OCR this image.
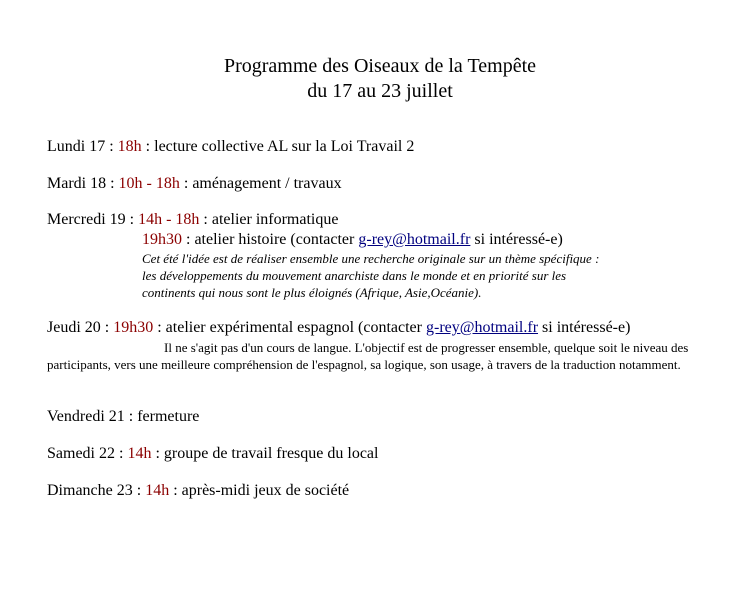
Programme des Oiseaux de la Tempête
du 17 au 23 juillet
Lundi 17 : 18h : lecture collective AL sur la Loi Travail 2
Mardi 18 : 10h - 18h : aménagement / travaux
Mercredi 19 : 14h - 18h : atelier informatique
19h30 : atelier histoire (contacter g-rey@hotmail.fr si intéressé-e)
Cet été l'idée est de réaliser ensemble une recherche originale sur un thème spécifique :
les développements du mouvement anarchiste dans le monde et en priorité sur les
continents qui nous sont le plus éloignés (Afrique, Asie,Océanie).
Jeudi 20 : 19h30 : atelier expérimental espagnol (contacter g-rey@hotmail.fr si intéressé-e)
Il ne s'agit pas d'un cours de langue. L'objectif est de progresser ensemble, quelque soit le niveau des participants, vers une meilleure compréhension de l'espagnol, sa logique, son usage, à travers de la traduction notamment.
Vendredi 21 : fermeture
Samedi 22 : 14h : groupe de travail fresque du local
Dimanche 23 : 14h : après-midi jeux de société
